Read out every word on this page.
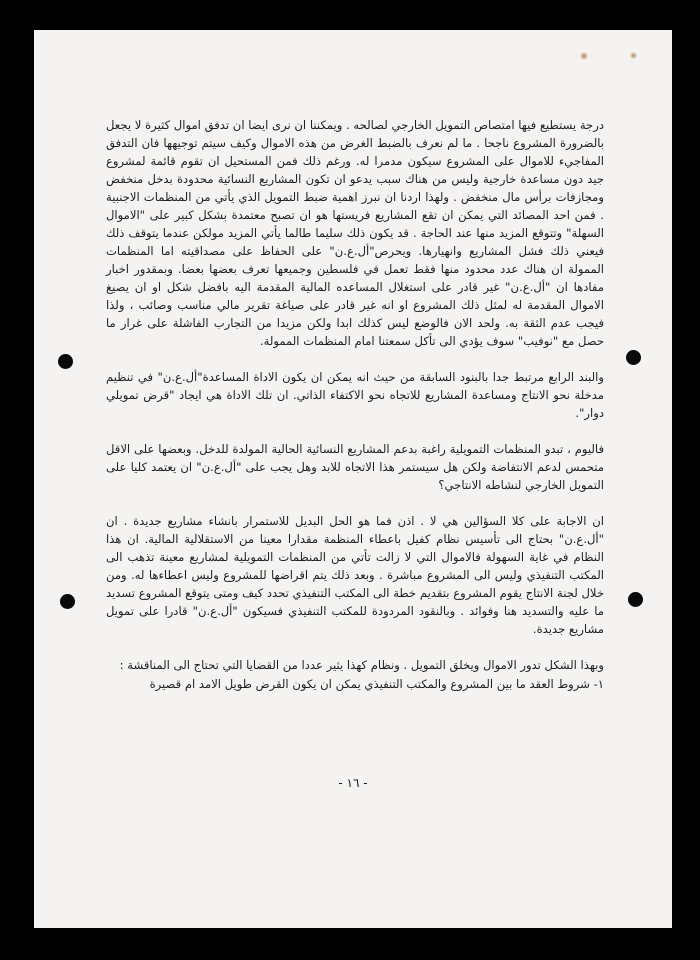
درجة يستطيع فيها امتصاص التمويل الخارجي لصالحه . ويمكننا ان نرى ايضا ان تدفق اموال كثيرة لا يجعل بالضرورة المشروع ناجحا . ما لم نعرف بالضبط الغرض من هذه الاموال وكيف سيتم توجيهها فان التدفق المفاجيء للاموال على المشروع سيكون مدمرا له. ورغم ذلك فمن المستحيل ان تقوم قائمة لمشروع جيد دون مساعدة خارجية وليس من هناك سبب يدعو ان تكون المشاريع النسائية محدودة بدخل منخفض ومجازفات برأس مال منخفض . ولهذا اردنا ان نبرز اهمية ضبط التمويل الذي يأتي من المنظمات الاجنبية . فمن احد المصائد التي يمكن ان تقع المشاريع فريستها هو ان تصبح معتمدة بشكل كبير على "الاموال السهلة" وتتوقع المزيد منها عند الحاجة . قد يكون ذلك سليما طالما يأتي المزيد مولكن عندما يتوقف ذلك فيعني ذلك فشل المشاريع وانهيارها. ويحرص"أل.ع.ن" على الحفاظ على مصداقيته اما المنظمات الممولة ان هناك عدد محدود منها فقط تعمل في فلسطين وجميعها تعرف بعضها بعضا. وبمقدور اخبار مفادها ان "أل.ع.ن" غير قادر على استغلال المساعده المالية المقدمة اليه بافضل شكل او ان يصيغ الاموال المقدمة له لمثل ذلك المشروع او انه غير قادر على صياغة تقرير مالي مناسب وصائب ، ولذا فيجب عدم الثقة به. ولحد الان فالوضع ليس كذلك ابدا ولكن مزيدا من التجارب الفاشلة على غرار ما حصل مع "نوفيب" سوف يؤدي الى تأكل سمعتنا امام المنظمات الممولة.

والبند الرابع مرتبط جدا بالبنود السابقة من حيث انه يمكن ان يكون الاداة المساعدة"أل.ع.ن" في تنظيم مدخلة نحو الانتاج ومساعدة المشاريع للاتجاه نحو الاكتفاء الذاتي. ان تلك الاداة هي ايجاد "قرض تمويلي دوار".

فاليوم ، تبدو المنظمات التمويلية راغبة بدعم المشاريع النسائية الحالية المولدة للدخل. وبعضها على الاقل متحمس لدعم الانتفاضة ولكن هل سيستمر هذا الاتجاه للابد وهل يجب على "أل.ع.ن" ان يعتمد كليا على التمويل الخارجي لنشاطه الانتاجي؟

ان الاجابة على كلا السؤالين هي لا . اذن فما هو الحل البديل للاستمرار بانشاء مشاريع جديدة . ان "أل.ع.ن" بحتاج الى تأسيس نظام كفيل باعطاء المنظمة مقدارا معينا من الاستقلالية المالية. ان هذا النظام في غاية السهولة فالاموال التي لا زالت تأتي من المنظمات التمويلية لمشاريع معينة تذهب الى المكتب التنفيذي وليس الى المشروع مباشرة . وبعد ذلك يتم اقراضها للمشروع وليس اعطاءها له. ومن خلال لجنة الانتاج يقوم المشروع بتقديم خطة الى المكتب التنفيذي تحدد كيف ومتى يتوقع المشروع تسديد ما عليه والتسديد هنا وفوائد . وبالنقود المردودة للمكتب التنفيذي فسيكون "أل.ع.ن" قادرا على تمويل مشاريع جديدة.

وبهذا الشكل تدور الاموال ويخلق التمويل . ونظام كهذا يثير عددا من القضايا التي تحتاج الى المناقشة :

١- شروط العقد ما بين المشروع والمكتب التنفيذي يمكن ان يكون القرض طويل الامد ام قصيرة

- ١٦ -
